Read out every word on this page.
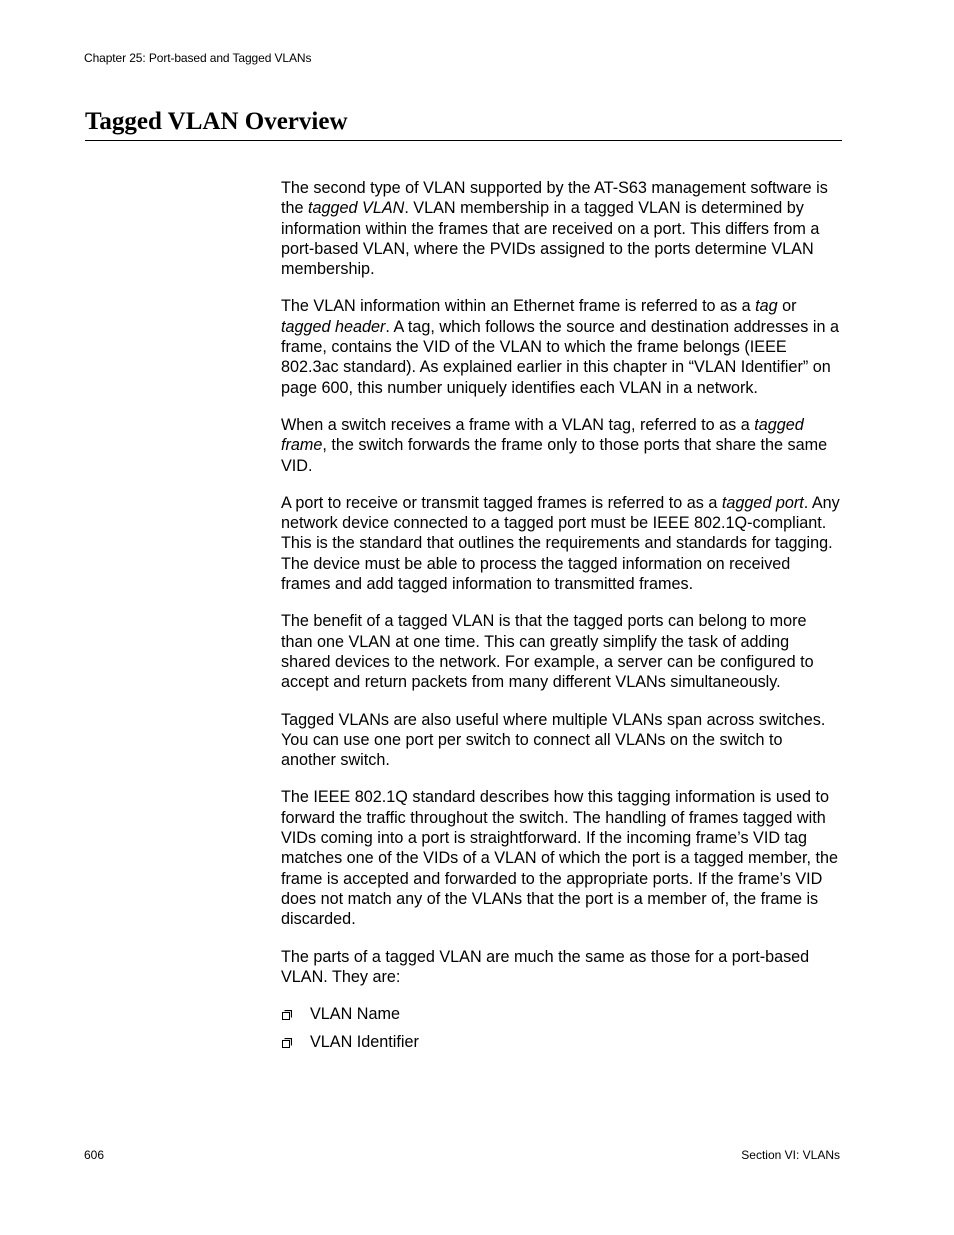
Chapter 25: Port-based and Tagged VLANs
Tagged VLAN Overview

The second type of VLAN supported by the AT-S63 management software is the tagged VLAN. VLAN membership in a tagged VLAN is determined by information within the frames that are received on a port. This differs from a port-based VLAN, where the PVIDs assigned to the ports determine VLAN membership.

The VLAN information within an Ethernet frame is referred to as a tag or tagged header. A tag, which follows the source and destination addresses in a frame, contains the VID of the VLAN to which the frame belongs (IEEE 802.3ac standard). As explained earlier in this chapter in “VLAN Identifier” on page 600, this number uniquely identifies each VLAN in a network.

When a switch receives a frame with a VLAN tag, referred to as a tagged frame, the switch forwards the frame only to those ports that share the same VID.

A port to receive or transmit tagged frames is referred to as a tagged port. Any network device connected to a tagged port must be IEEE 802.1Q-compliant. This is the standard that outlines the requirements and standards for tagging. The device must be able to process the tagged information on received frames and add tagged information to transmitted frames.

The benefit of a tagged VLAN is that the tagged ports can belong to more than one VLAN at one time. This can greatly simplify the task of adding shared devices to the network. For example, a server can be configured to accept and return packets from many different VLANs simultaneously.

Tagged VLANs are also useful where multiple VLANs span across switches. You can use one port per switch to connect all VLANs on the switch to another switch.

The IEEE 802.1Q standard describes how this tagging information is used to forward the traffic throughout the switch. The handling of frames tagged with VIDs coming into a port is straightforward. If the incoming frame’s VID tag matches one of the VIDs of a VLAN of which the port is a tagged member, the frame is accepted and forwarded to the appropriate ports. If the frame’s VID does not match any of the VLANs that the port is a member of, the frame is discarded.

The parts of a tagged VLAN are much the same as those for a port-based VLAN. They are:

VLAN Name
VLAN Identifier
606	Section VI: VLANs
